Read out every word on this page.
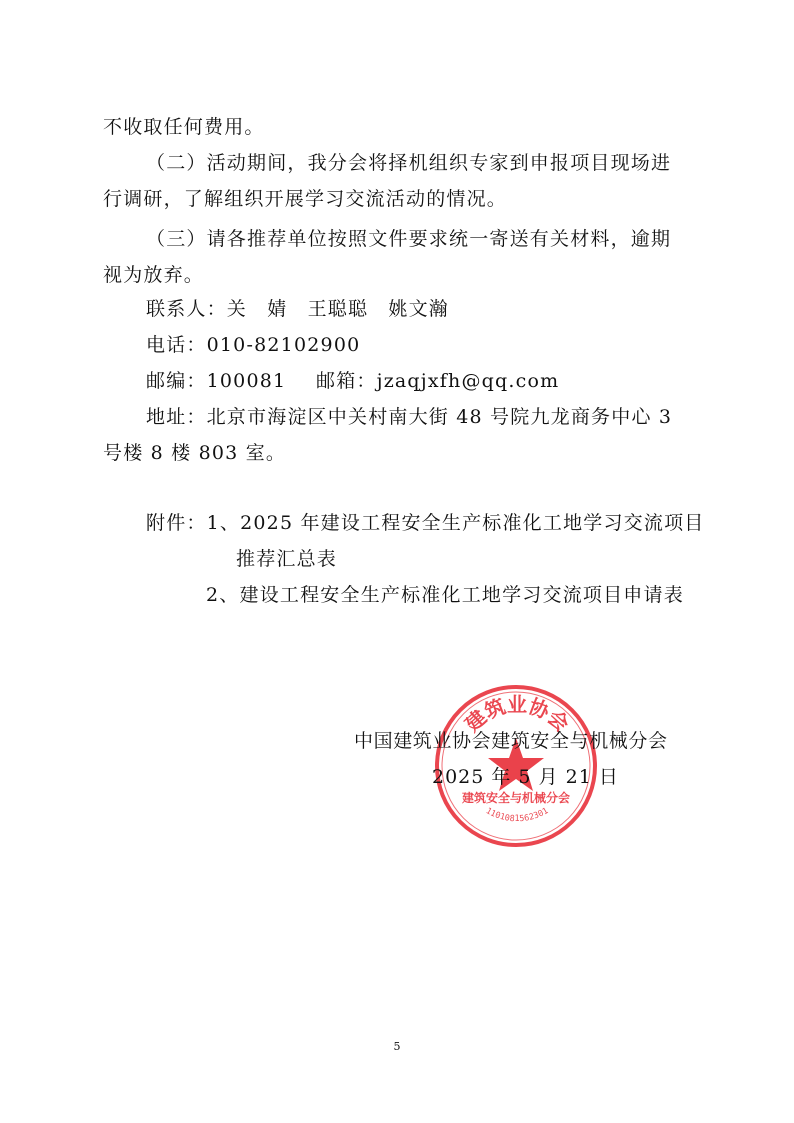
不收取任何费用。
（二）活动期间，我分会将择机组织专家到申报项目现场进
行调研，了解组织开展学习交流活动的情况。
（三）请各推荐单位按照文件要求统一寄送有关材料，逾期
视为放弃。
联系人：关　婧　王聪聪　姚文瀚
电话：010-82102900
邮编：100081 邮箱：jzaqjxfh@qq.com
地址：北京市海淀区中关村南大街 48 号院九龙商务中心 3
号楼 8 楼 803 室。
附件：1、2025 年建设工程安全生产标准化工地学习交流项目
推荐汇总表
2、建设工程安全生产标准化工地学习交流项目申请表
建筑业协会
建筑安全与机械分会
1101081562301
中国建筑业协会建筑安全与机械分会
2025 年 5 月 21 日
5
